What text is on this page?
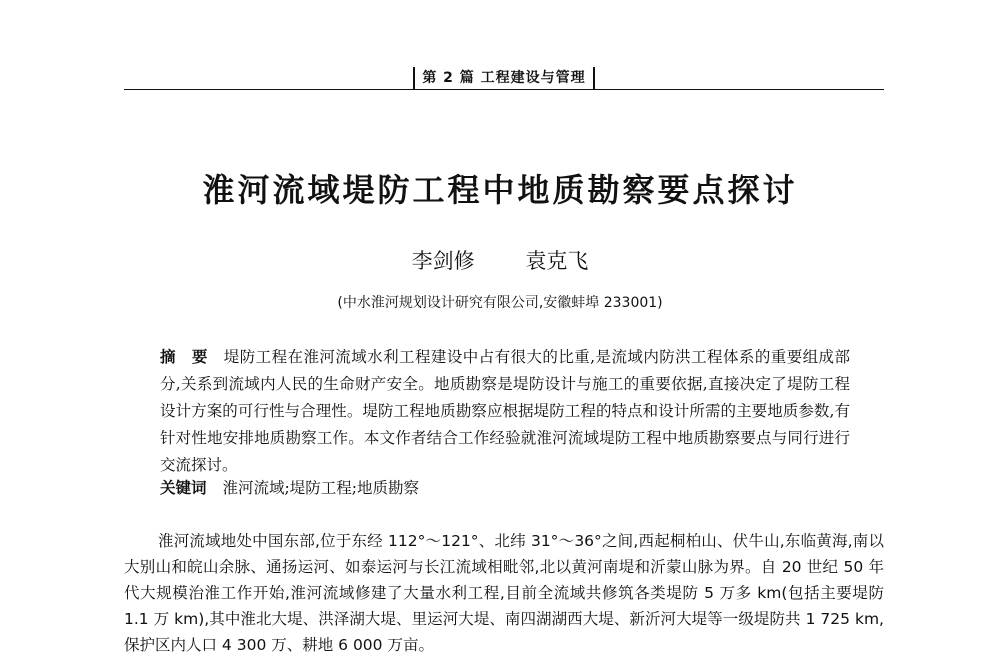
第 2 篇 工程建设与管理
淮河流域堤防工程中地质勘察要点探讨
李剑修 袁克飞
(中水淮河规划设计研究有限公司,安徽蚌埠 233001)
摘　要 堤防工程在淮河流域水利工程建设中占有很大的比重,是流域内防洪工程体系的重要组成部分,关系到流域内人民的生命财产安全。地质勘察是堤防设计与施工的重要依据,直接决定了堤防工程设计方案的可行性与合理性。堤防工程地质勘察应根据堤防工程的特点和设计所需的主要地质参数,有针对性地安排地质勘察工作。本文作者结合工作经验就淮河流域堤防工程中地质勘察要点与同行进行交流探讨。
关键词 淮河流域;堤防工程;地质勘察
淮河流域地处中国东部,位于东经 112°～121°、北纬 31°～36°之间,西起桐柏山、伏牛山,东临黄海,南以大别山和皖山余脉、通扬运河、如泰运河与长江流域相毗邻,北以黄河南堤和沂蒙山脉为界。自 20 世纪 50 年代大规模治淮工作开始,淮河流域修建了大量水利工程,目前全流域共修筑各类堤防 5 万多 km(包括主要堤防 1.1 万 km),其中淮北大堤、洪泽湖大堤、里运河大堤、南四湖湖西大堤、新沂河大堤等一级堤防共 1 725 km,保护区内人口 4 300 万、耕地 6 000 万亩。
